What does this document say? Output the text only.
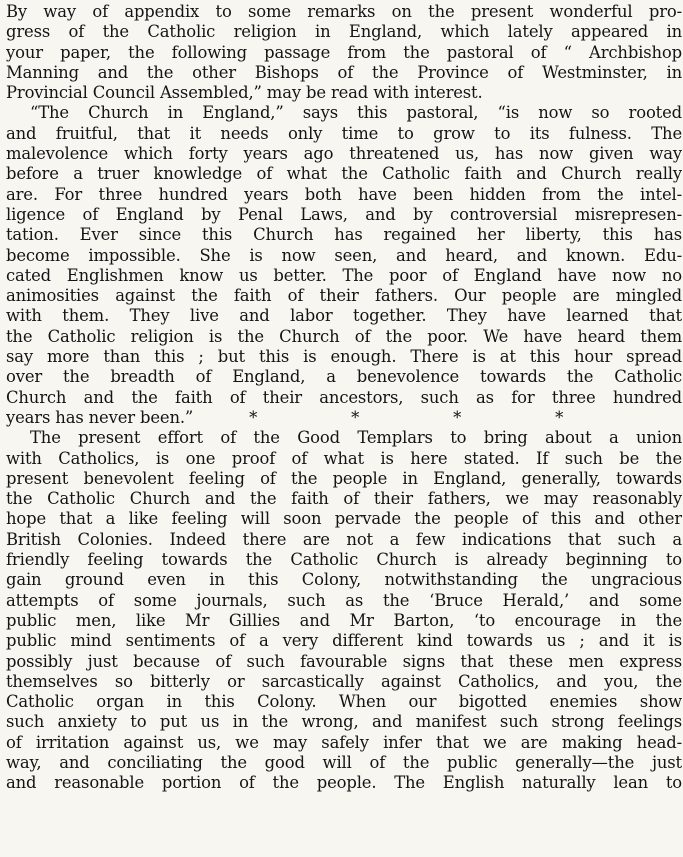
By way of appendix to some remarks on the present wonderful pro-
gress of the Catholic religion in England, which lately appeared in
your paper, the following passage from the pastoral of “ Archbishop
Manning and the other Bishops of the Province of Westminster, in
Provincial Council Assembled,” may be read with interest.
“The Church in England,” says this pastoral, “is now so rooted
and fruitful, that it needs only time to grow to its fulness. The
malevolence which forty years ago threatened us, has now given way
before a truer knowledge of what the Catholic faith and Church really
are. For three hundred years both have been hidden from the intel-
ligence of England by Penal Laws, and by controversial misrepresen-
tation. Ever since this Church has regained her liberty, this has
become impossible. She is now seen, and heard, and known. Edu-
cated Englishmen know us better. The poor of England have now no
animosities against the faith of their fathers. Our people are mingled
with them. They live and labor together. They have learned that
the Catholic religion is the Church of the poor. We have heard them
say more than this ; but this is enough. There is at this hour spread
over the breadth of England, a benevolence towards the Catholic
Church and the faith of their ancestors, such as for three hundred
years has never been.”	*	*	*	*
The present effort of the Good Templars to bring about a union
with Catholics, is one proof of what is here stated. If such be the
present benevolent feeling of the people in England, generally, towards
the Catholic Church and the faith of their fathers, we may reasonably
hope that a like feeling will soon pervade the people of this and other
British Colonies. Indeed there are not a few indications that such a
friendly feeling towards the Catholic Church is already beginning to
gain ground even in this Colony, notwithstanding the ungracious
attempts of some journals, such as the ‘Bruce Herald,’ and some
public men, like Mr Gillies and Mr Barton, ‘to encourage in the
public mind sentiments of a very different kind towards us ; and it is
possibly just because of such favourable signs that these men express
themselves so bitterly or sarcastically against Catholics, and you, the
Catholic organ in this Colony. When our bigotted enemies show
such anxiety to put us in the wrong, and manifest such strong feelings
of irritation against us, we may safely infer that we are making head-
way, and conciliating the good will of the public generally—the just
and reasonable portion of the people. The English naturally lean to
